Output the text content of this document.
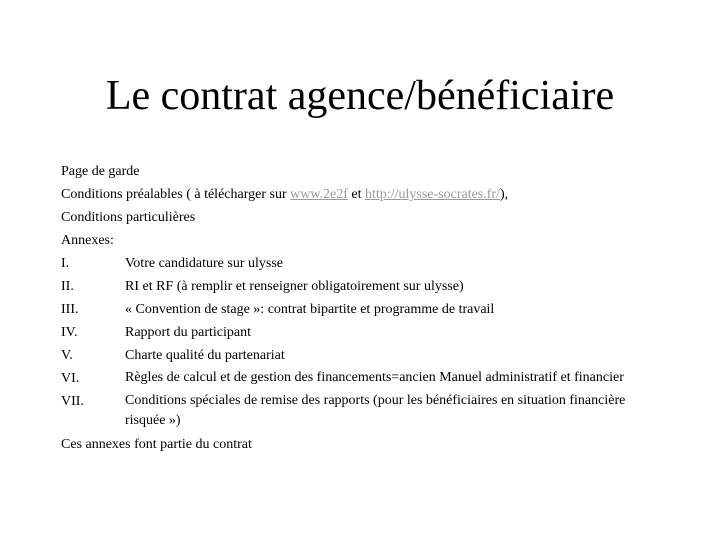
Le contrat agence/bénéficiaire
Page de garde
Conditions préalables ( à télécharger sur www.2e2f et http://ulysse-socrates.fr/),
Conditions particulières
Annexes:
I.	Votre candidature sur ulysse
II.	RI et RF (à remplir et renseigner obligatoirement sur ulysse)
III.	« Convention de stage »: contrat bipartite et programme de travail
IV.	Rapport du participant
V.	Charte qualité du partenariat
VI.	Règles de calcul et de gestion des financements=ancien Manuel administratif et financier
VII.	Conditions spéciales de remise des rapports (pour les bénéficiaires en situation financière risquée »)
Ces annexes font partie du contrat
